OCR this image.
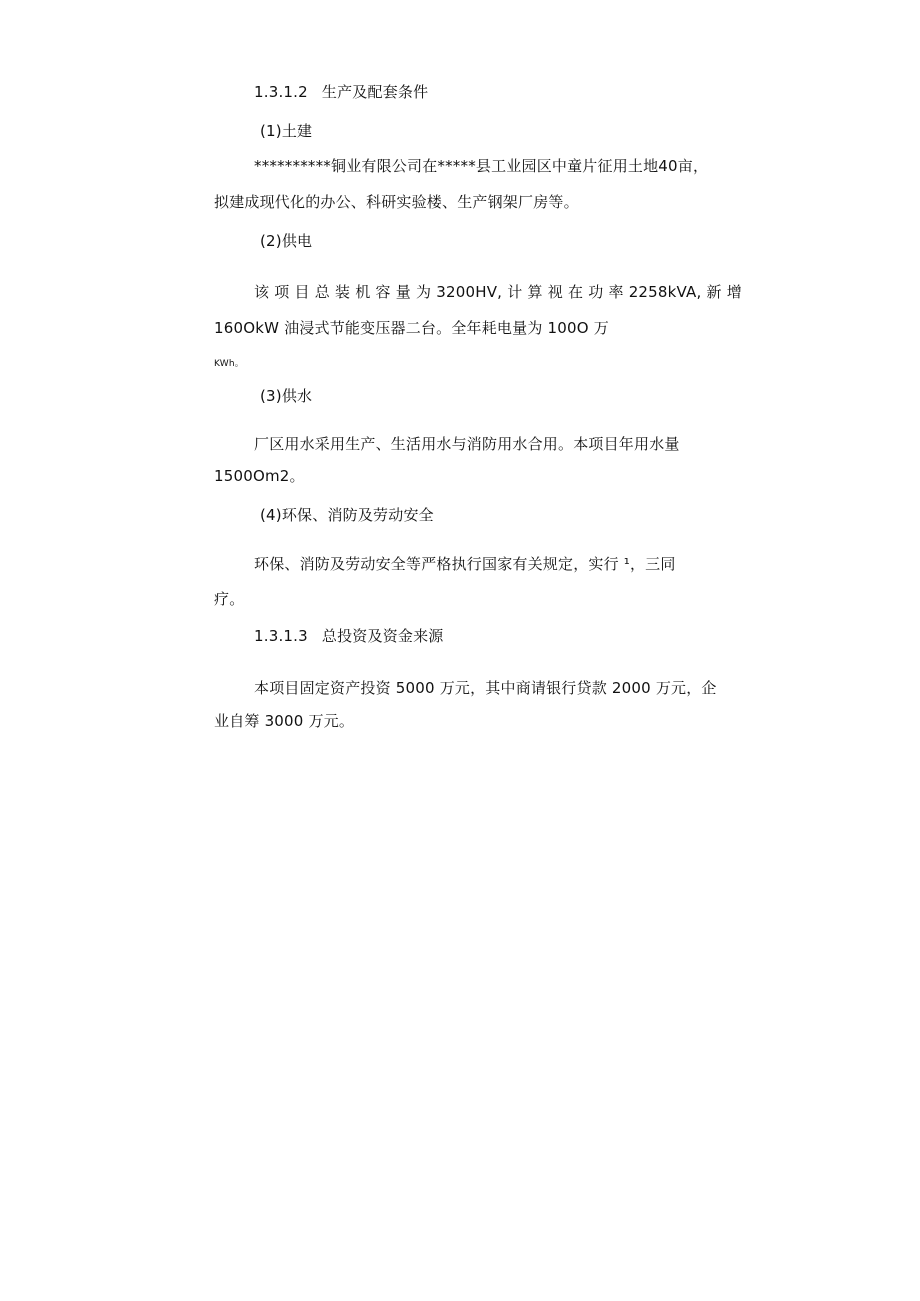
1.3.1.2 生产及配套条件
(1)土建
**********铜业有限公司在*****县工业园区中童片征用土地40亩，
拟建成现代化的办公、科研实验楼、生产钢架厂房等。
(2)供电
该 项 目 总 装 机 容 量 为 3200HV, 计 算 视 在 功 率 2258kVA, 新 增
160OkW 油浸式节能变压器二台。全年耗电量为 100O 万
KWh。
(3)供水
厂区用水采用生产、生活用水与消防用水合用。本项目年用水量
1500Om2。
(4)环保、消防及劳动安全
环保、消防及劳动安全等严格执行国家有关规定，实行 ¹，三同
疗。
1.3.1.3 总投资及资金来源
本项目固定资产投资 5000 万元，其中商请银行贷款 2000 万元，企
业自筹 3000 万元。
